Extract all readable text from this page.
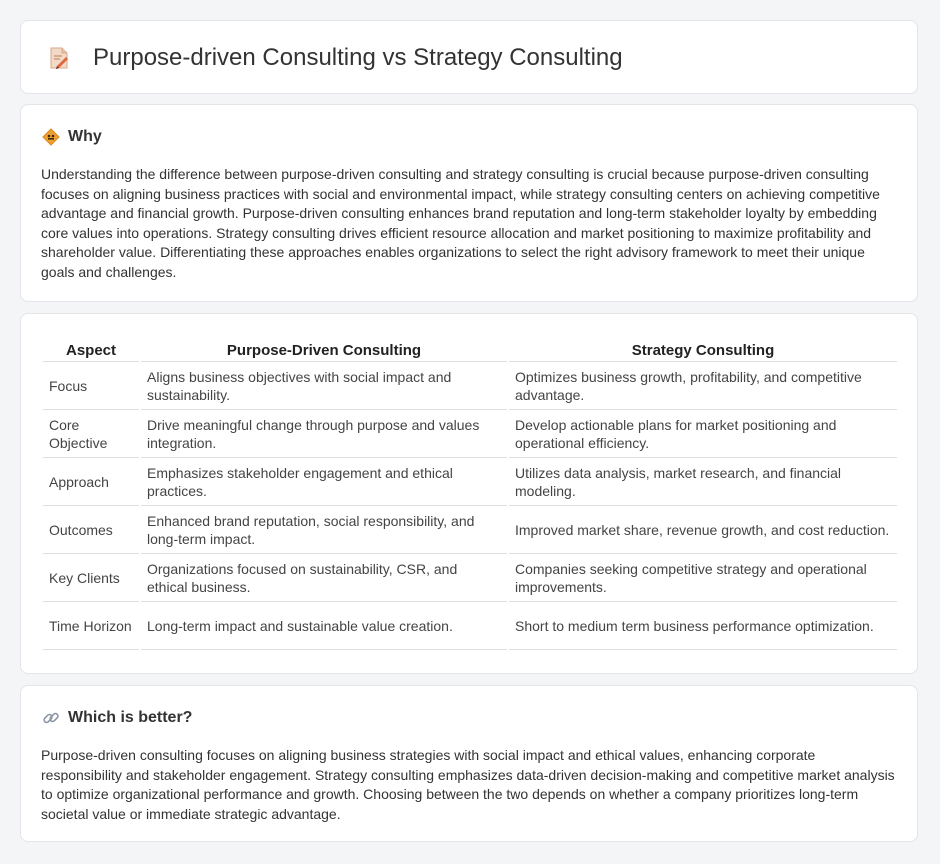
Purpose-driven Consulting vs Strategy Consulting
Why

Understanding the difference between purpose-driven consulting and strategy consulting is crucial because purpose-driven consulting focuses on aligning business practices with social and environmental impact, while strategy consulting centers on achieving competitive advantage and financial growth. Purpose-driven consulting enhances brand reputation and long-term stakeholder loyalty by embedding core values into operations. Strategy consulting drives efficient resource allocation and market positioning to maximize profitability and shareholder value. Differentiating these approaches enables organizations to select the right advisory framework to meet their unique goals and challenges.

Aspect	Purpose-Driven Consulting	Strategy Consulting
Focus	Aligns business objectives with social impact and sustainability.	Optimizes business growth, profitability, and competitive advantage.
Core Objective	Drive meaningful change through purpose and values integration.	Develop actionable plans for market positioning and operational efficiency.
Approach	Emphasizes stakeholder engagement and ethical practices.	Utilizes data analysis, market research, and financial modeling.
Outcomes	Enhanced brand reputation, social responsibility, and long-term impact.	Improved market share, revenue growth, and cost reduction.
Key Clients	Organizations focused on sustainability, CSR, and ethical business.	Companies seeking competitive strategy and operational improvements.
Time Horizon	Long-term impact and sustainable value creation.	Short to medium term business performance optimization.
Which is better?

Purpose-driven consulting focuses on aligning business strategies with social impact and ethical values, enhancing corporate responsibility and stakeholder engagement. Strategy consulting emphasizes data-driven decision-making and competitive market analysis to optimize organizational performance and growth. Choosing between the two depends on whether a company prioritizes long-term societal value or immediate strategic advantage.
